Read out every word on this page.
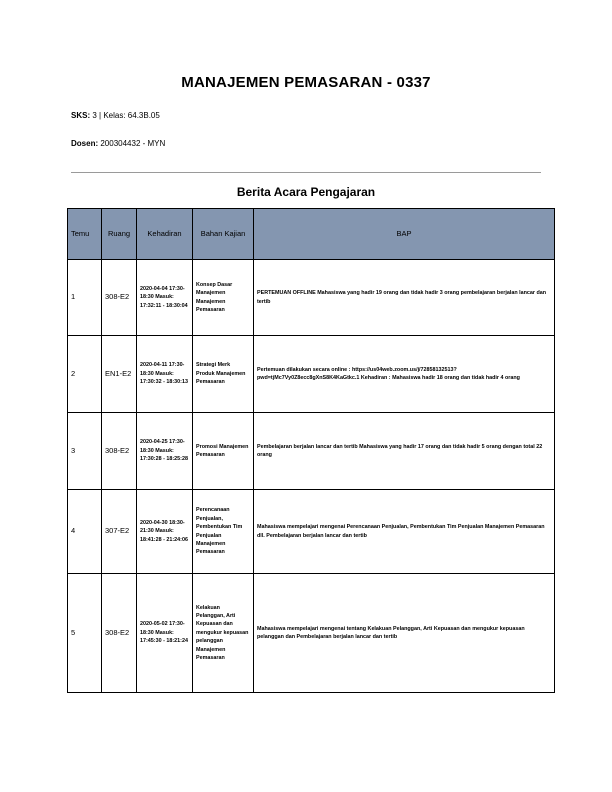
MANAJEMEN PEMASARAN - 0337
SKS: 3 | Kelas: 64.3B.05
Dosen: 200304432 - MYN
Berita Acara Pengajaran
Temu	Ruang	Kehadiran	Bahan Kajian	BAP
1	308-E2	2020-04-04 17:30-18:30 Masuk: 17:32:11 - 18:30:04	Konsep Dasar Manajemen Manajemen Pemasaran	PERTEMUAN OFFLINE Mahasiswa yang hadir 19 orang dan tidak hadir 3 orang pembelajaran berjalan lancar dan tertib
2	EN1-E2	2020-04-11 17:30-18:30 Masuk: 17:30:32 - 18:30:13	Strategi Merk Produk Manajemen Pemasaran	Pertemuan dilakukan secara online : https://us04web.zoom.us/j/72858132513?pwd=tjMc7Vy0Z8ecc8gXnS8K4KaGtkc.1 Kehadiran : Mahasiswa hadir 18 orang dan tidak hadir 4 orang
3	308-E2	2020-04-25 17:30-18:30 Masuk: 17:30:28 - 18:25:28	Promosi Manajemen Pemasaran	Pembelajaran berjalan lancar dan tertib Mahasiswa yang hadir 17 orang dan tidak hadir 5 orang dengan total 22 orang
4	307-E2	2020-04-30 18:30-21:30 Masuk: 18:41:28 - 21:24:06	Perencanaan Penjualan, Pembentukan Tim Penjualan Manajemen Pemasaran	Mahasiswa mempelajari mengenai Perencanaan Penjualan, Pembentukan Tim Penjualan Manajemen Pemasaran dll. Pembelajaran berjalan lancar dan tertib
5	308-E2	2020-05-02 17:30-18:30 Masuk: 17:45:30 - 18:21:24	Kelakuan Pelanggan, Arti Kepuasan dan mengukur kepuasan pelanggan Manajemen Pemasaran	Mahasiswa mempelajari mengenai tentang Kelakuan Pelanggan, Arti Kepuasan dan mengukur kepuasan pelanggan dan Pembelajaran berjalan lancar dan tertib
